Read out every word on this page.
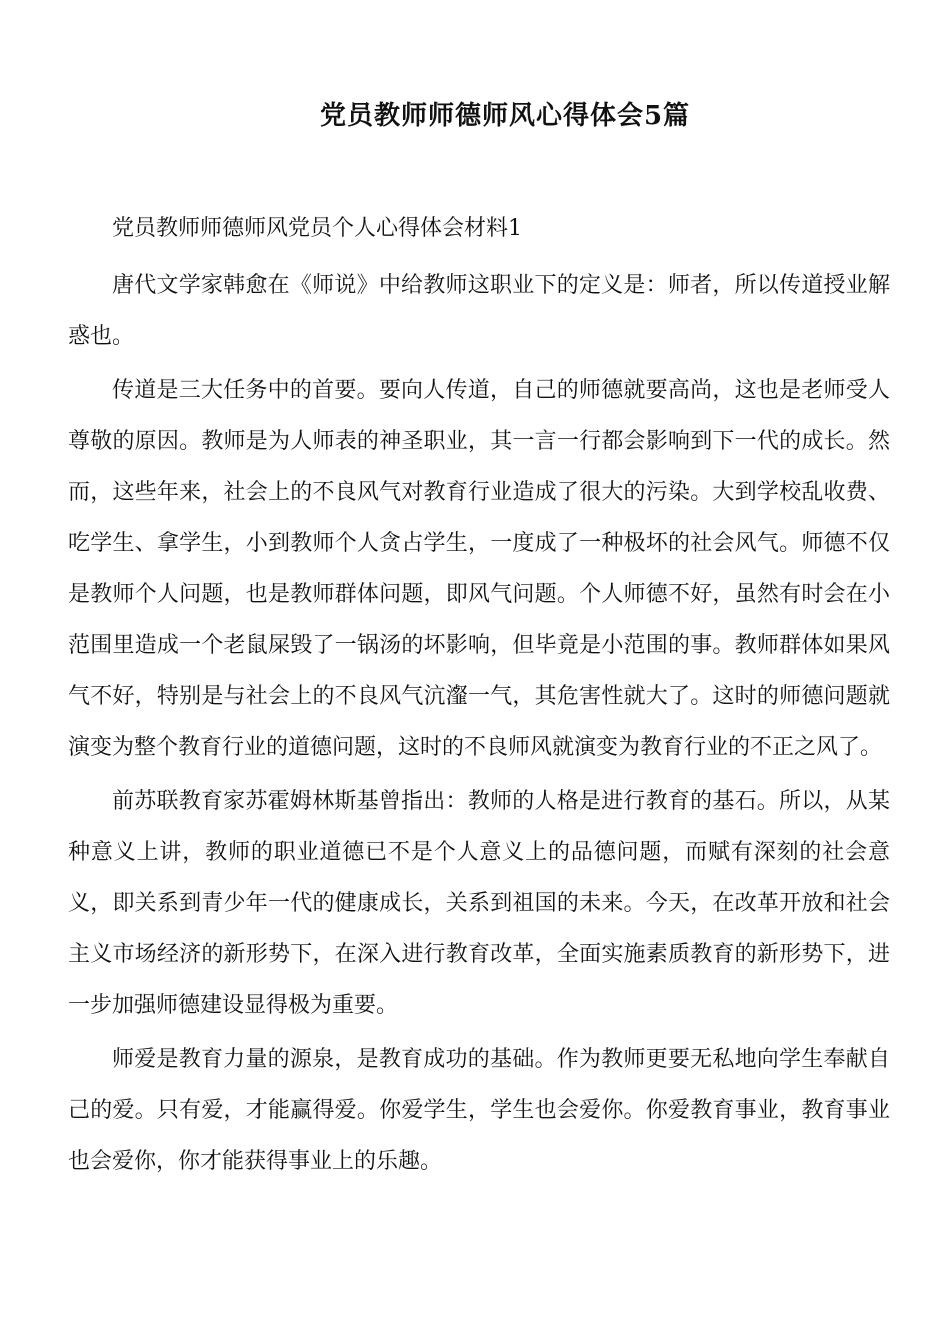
党员教师师德师风心得体会5篇

党员教师师德师风党员个人心得体会材料1

唐代文学家韩愈在《师说》中给教师这职业下的定义是：师者，所以传道授业解惑也。

传道是三大任务中的首要。要向人传道，自己的师德就要高尚，这也是老师受人尊敬的原因。教师是为人师表的神圣职业，其一言一行都会影响到下一代的成长。然而，这些年来，社会上的不良风气对教育行业造成了很大的污染。大到学校乱收费、吃学生、拿学生，小到教师个人贪占学生，一度成了一种极坏的社会风气。师德不仅是教师个人问题，也是教师群体问题，即风气问题。个人师德不好，虽然有时会在小范围里造成一个老鼠屎毁了一锅汤的坏影响，但毕竟是小范围的事。教师群体如果风气不好，特别是与社会上的不良风气沆瀣一气，其危害性就大了。这时的师德问题就演变为整个教育行业的道德问题，这时的不良师风就演变为教育行业的不正之风了。

前苏联教育家苏霍姆林斯基曾指出：教师的人格是进行教育的基石。所以，从某种意义上讲，教师的职业道德已不是个人意义上的品德问题，而赋有深刻的社会意义，即关系到青少年一代的健康成长，关系到祖国的未来。今天，在改革开放和社会主义市场经济的新形势下，在深入进行教育改革，全面实施素质教育的新形势下，进一步加强师德建设显得极为重要。

师爱是教育力量的源泉，是教育成功的基础。作为教师更要无私地向学生奉献自己的爱。只有爱，才能赢得爱。你爱学生，学生也会爱你。你爱教育事业，教育事业也会爱你，你才能获得事业上的乐趣。
